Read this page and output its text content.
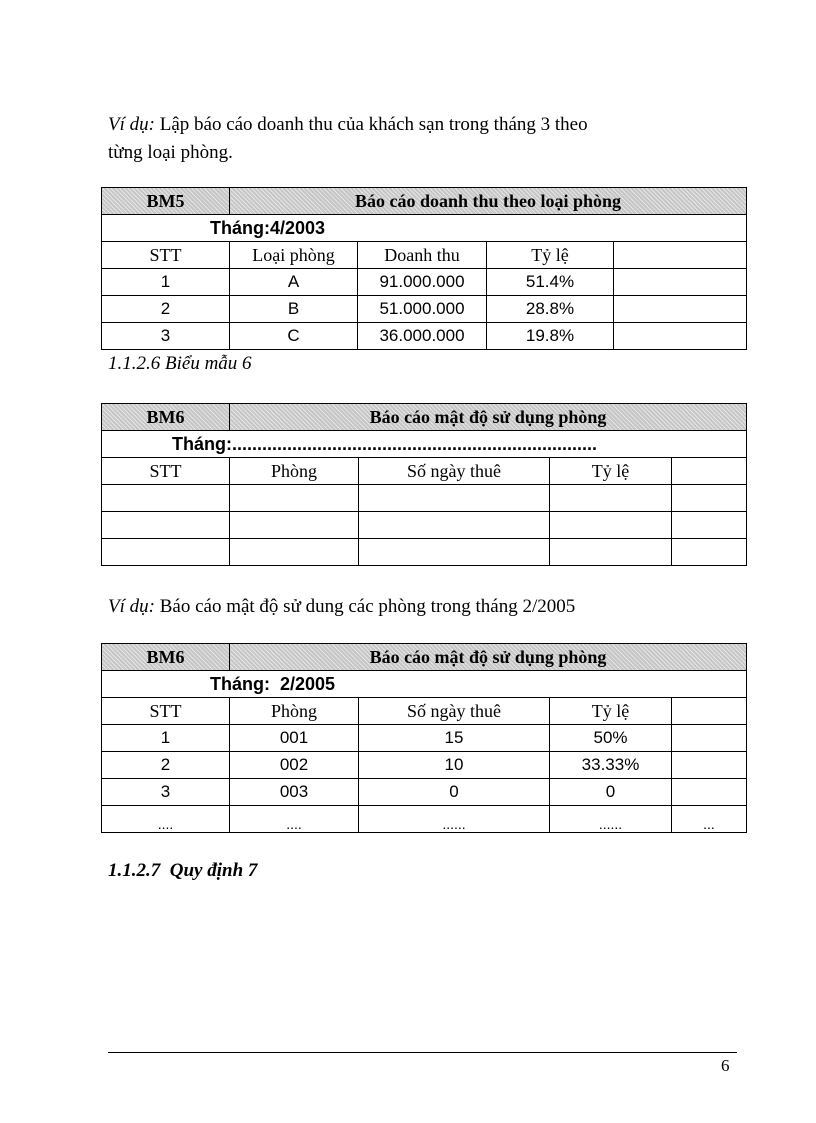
Ví dụ: Lập báo cáo doanh thu của khách sạn trong tháng 3 theo
từng loại phòng.

BM5	Báo cáo doanh thu theo loại phòng			
Tháng:4/2003				
STT	Loại phòng	Doanh thu	Tỷ lệ	
1	A	91.000.000	51.4%	
2	B	51.000.000	28.8%	
3	C	36.000.000	19.8%	

1.1.2.6 Biểu mẫu 6

BM6	Báo cáo mật độ sử dụng phòng			
Tháng:.........................................................................				
STT	Phòng	Số ngày thuê	Tỷ lệ	

Ví dụ: Báo cáo mật độ sử dung các phòng trong tháng 2/2005

BM6	Báo cáo mật độ sử dụng phòng			
Tháng:  2/2005				
STT	Phòng	Số ngày thuê	Tỷ lệ	
1	001	15	50%	
2	002	10	33.33%	
3	003	0	0	
....	....	......	......	...

1.1.2.7  Quy định 7

6
